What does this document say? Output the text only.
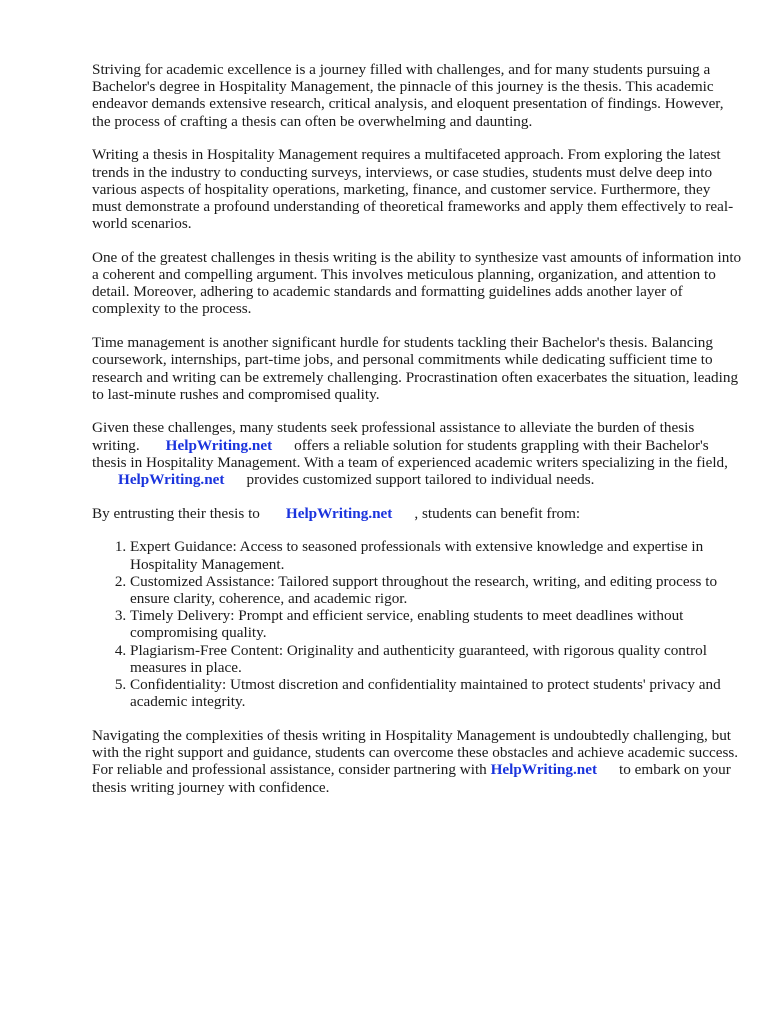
Striving for academic excellence is a journey filled with challenges, and for many students pursuing a Bachelor's degree in Hospitality Management, the pinnacle of this journey is the thesis. This academic endeavor demands extensive research, critical analysis, and eloquent presentation of findings. However, the process of crafting a thesis can often be overwhelming and daunting.

Writing a thesis in Hospitality Management requires a multifaceted approach. From exploring the latest trends in the industry to conducting surveys, interviews, or case studies, students must delve deep into various aspects of hospitality operations, marketing, finance, and customer service. Furthermore, they must demonstrate a profound understanding of theoretical frameworks and apply them effectively to real-world scenarios.

One of the greatest challenges in thesis writing is the ability to synthesize vast amounts of information into a coherent and compelling argument. This involves meticulous planning, organization, and attention to detail. Moreover, adhering to academic standards and formatting guidelines adds another layer of complexity to the process.

Time management is another significant hurdle for students tackling their Bachelor's thesis. Balancing coursework, internships, part-time jobs, and personal commitments while dedicating sufficient time to research and writing can be extremely challenging. Procrastination often exacerbates the situation, leading to last-minute rushes and compromised quality.

Given these challenges, many students seek professional assistance to alleviate the burden of thesis writing. HelpWriting.net offers a reliable solution for students grappling with their Bachelor's thesis in Hospitality Management. With a team of experienced academic writers specializing in the field, HelpWriting.net provides customized support tailored to individual needs.

By entrusting their thesis to HelpWriting.net , students can benefit from:

1. Expert Guidance: Access to seasoned professionals with extensive knowledge and expertise in Hospitality Management.
2. Customized Assistance: Tailored support throughout the research, writing, and editing process to ensure clarity, coherence, and academic rigor.
3. Timely Delivery: Prompt and efficient service, enabling students to meet deadlines without compromising quality.
4. Plagiarism-Free Content: Originality and authenticity guaranteed, with rigorous quality control measures in place.
5. Confidentiality: Utmost discretion and confidentiality maintained to protect students' privacy and academic integrity.

Navigating the complexities of thesis writing in Hospitality Management is undoubtedly challenging, but with the right support and guidance, students can overcome these obstacles and achieve academic success. For reliable and professional assistance, consider partnering with HelpWriting.net to embark on your thesis writing journey with confidence.
